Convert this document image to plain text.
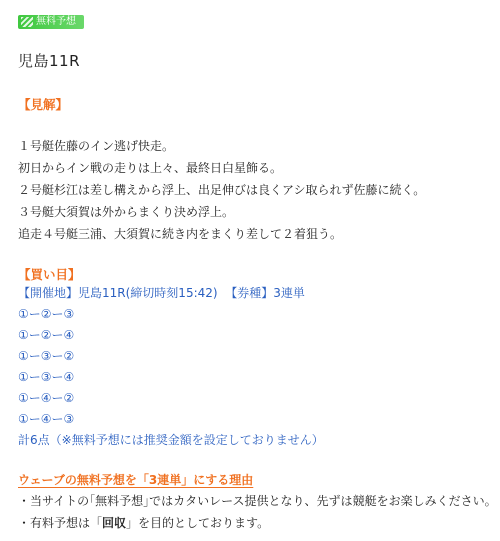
無料予想
児島11R
【見解】
１号艇佐藤のイン逃げ快走。
初日からイン戦の走りは上々、最終日白星飾る。
２号艇杉江は差し構えから浮上、出足伸びは良くアシ取られず佐藤に続く。
３号艇大須賀は外からまくり決め浮上。
追走４号艇三浦、大須賀に続き内をまくり差して２着狙う。
【買い目】
【開催地】児島11R(締切時刻15:42) 【券種】3連単
①ー②ー③
①ー②ー④
①ー③ー②
①ー③ー④
①ー④ー②
①ー④ー③
計6点（※無料予想には推奨金額を設定しておりません）
ウェーブの無料予想を「3連単」にする理由
・当サイトの｢無料予想｣ではカタいレース提供となり、先ずは競艇をお楽しみください。
・有料予想は「回収」を目的としております。
